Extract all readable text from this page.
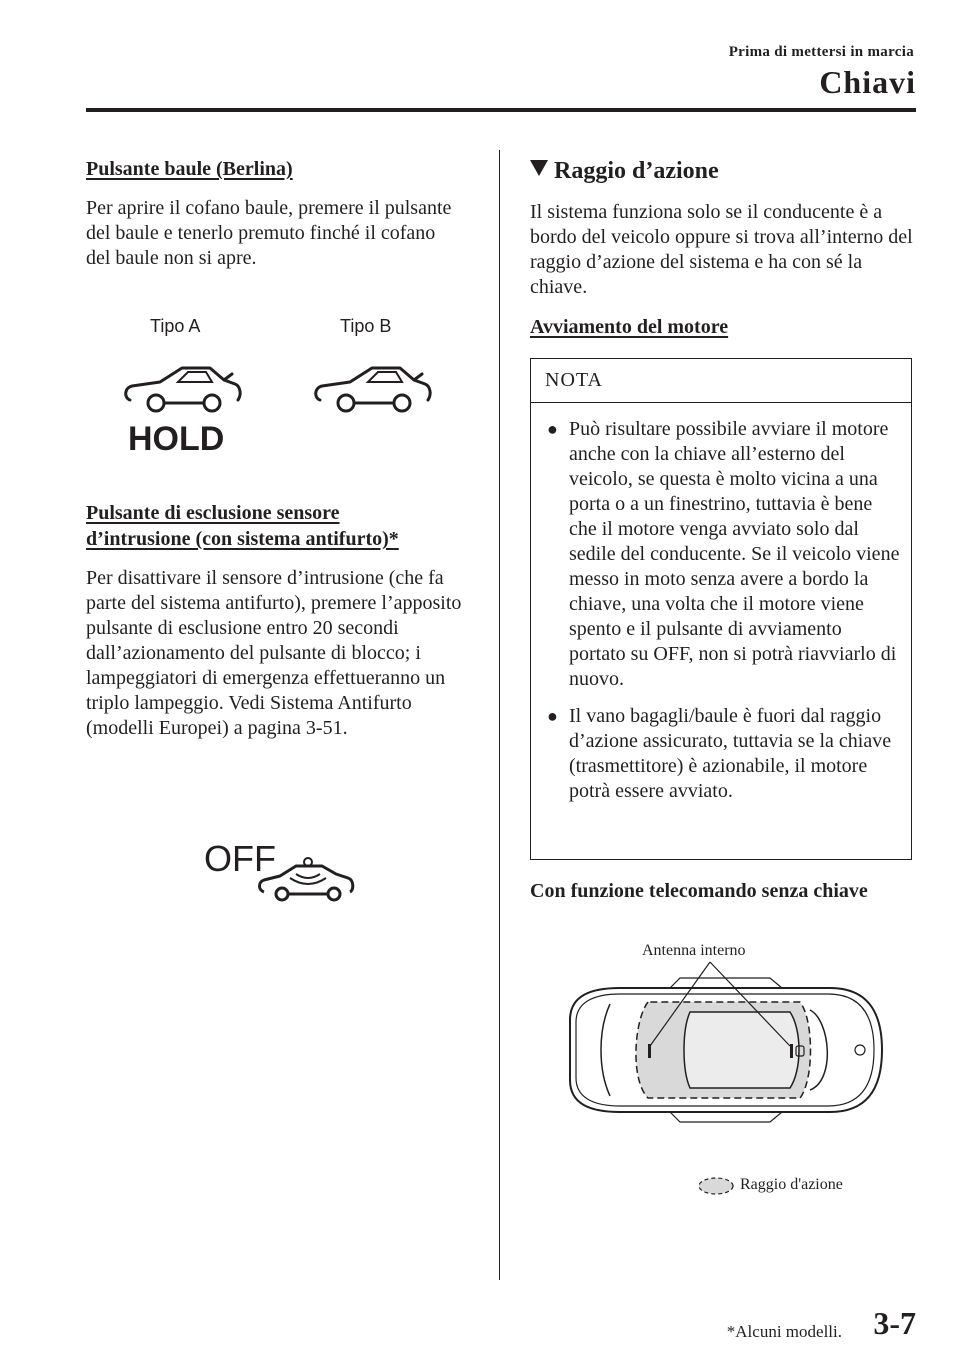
Prima di mettersi in marcia
Chiavi
Pulsante baule (Berlina)

Per aprire il cofano baule, premere il pulsante del baule e tenerlo premuto finché il cofano del baule non si apre.

Tipo A	Tipo B
HOLD
Pulsante di esclusione sensore
d’intrusione (con sistema antifurto)*

Per disattivare il sensore d’intrusione (che fa parte del sistema antifurto), premere l’apposito pulsante di esclusione entro 20 secondi dall’azionamento del pulsante di blocco; i lampeggiatori di emergenza effettueranno un triplo lampeggio. Vedi Sistema Antifurto (modelli Europei) a pagina 3-51.

OFF
Raggio d’azione

Il sistema funziona solo se il conducente è a bordo del veicolo oppure si trova all’interno del raggio d’azione del sistema e ha con sé la chiave.

Avviamento del motore
NOTA
● Può risultare possibile avviare il motore anche con la chiave all’esterno del veicolo, se questa è molto vicina a una porta o a un finestrino, tuttavia è bene che il motore venga avviato solo dal sedile del conducente. Se il veicolo viene messo in moto senza avere a bordo la chiave, una volta che il motore viene spento e il pulsante di avviamento portato su OFF, non si potrà riavviarlo di nuovo.
● Il vano bagagli/baule è fuori dal raggio d’azione assicurato, tuttavia se la chiave (trasmettitore) è azionabile, il motore potrà essere avviato.
Con funzione telecomando senza chiave
Antenna interno
Raggio d'azione
*Alcuni modelli. 3-7
